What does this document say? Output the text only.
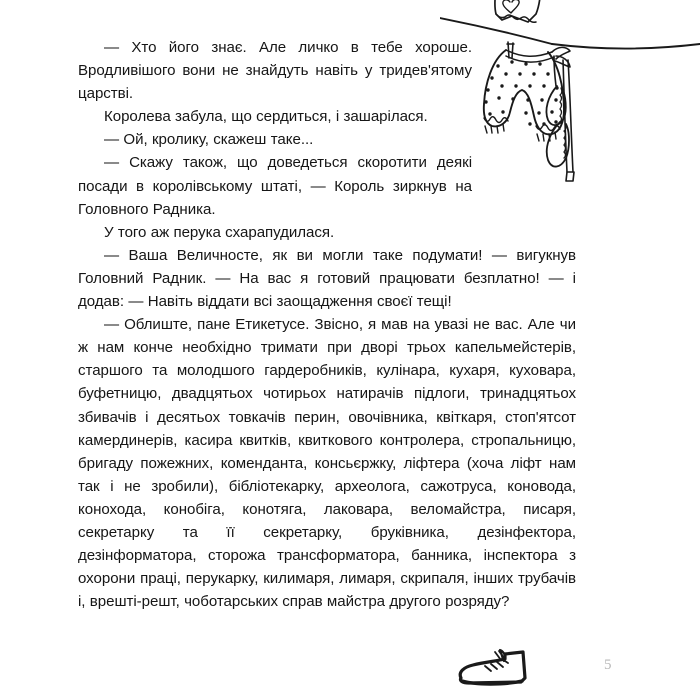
— Хто його знає. Але личко в тебе хороше. Вродливішого вони не знайдуть навіть у тридев'ятому царстві.

Королева забула, що сердиться, і зашарілася.

— Ой, кролику, скажеш таке...

— Скажу також, що доведеться скоротити деякі посади в королівському штаті, — Король зиркнув на Головного Радника.

У того аж перука схарапудилася.

— Ваша Величносте, як ви могли таке подумати! — вигукнув Головний Радник. — На вас я готовий працювати безплатно! — і додав: — Навіть віддати всі заощадження своєї тещі!

— Облиште, пане Етикетусе. Звісно, я мав на увазі не вас. Але чи ж нам конче необхідно тримати при дворі трьох капельмейстерів, старшого та молодшого гардеробників, кулінара, кухаря, куховара, буфетницю, двадцятьох чотирьох натирачів підлоги, тринадцятьох збивачів і десятьох товкачів перин, овочівника, квіткаря, стоп'ятсот камердинерів, касира квитків, квиткового контролера, стропальницю, бригаду пожежних, коменданта, консьєржку, ліфтера (хоча ліфт нам так і не зробили), бібліотекарку, археолога, сажотруса, коновода, конохода, конобіга, конотяга, лаковара, веломайстра, писаря, секретарку та її секретарку, бруківника, дезінфектора, дезінформатора, сторожа трансформатора, банника, інспектора з охорони праці, перукарку, килимаря, лимаря, скрипаля, інших трубачів і, врешті-решт, чоботарських справ майстра другого розряду?

5
